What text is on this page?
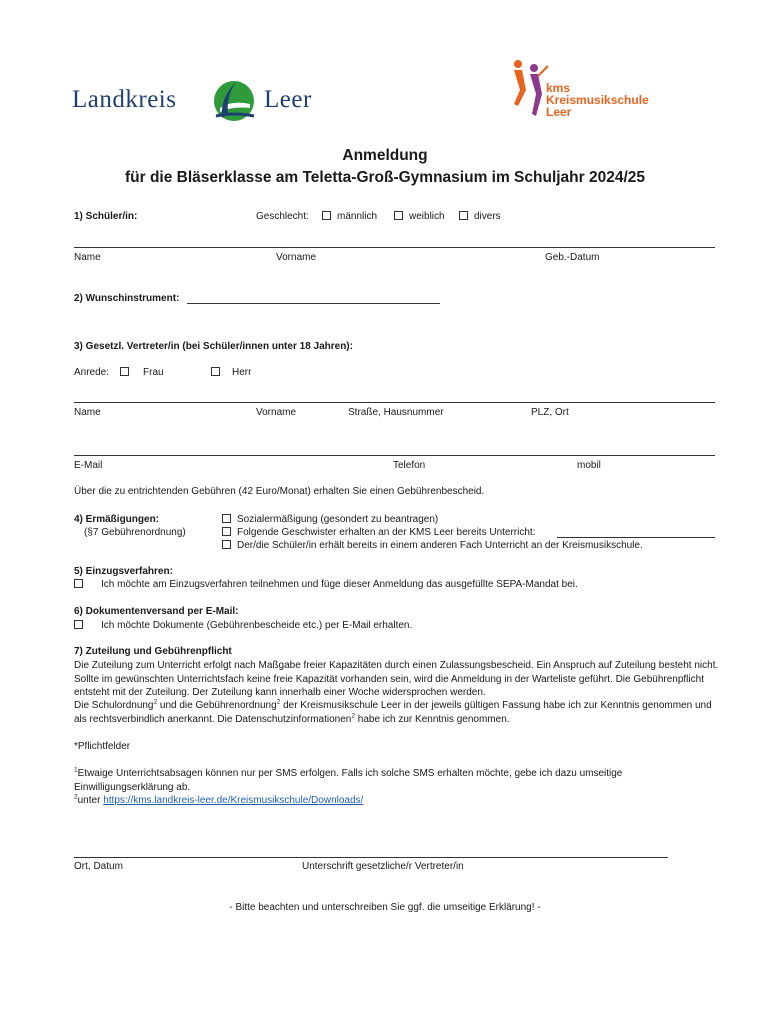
Landkreis	Leer	kms
Kreismusikschule
Leer
Anmeldung
für die Bläserklasse am Teletta-Groß-Gymnasium im Schuljahr 2024/25
1) Schüler/in:	Geschlecht:	männlich	weiblich	divers
Name	Vorname	Geb.-Datum
2) Wunschinstrument:
3) Gesetzl. Vertreter/in (bei Schüler/innen unter 18 Jahren):
Anrede:	Frau	Herr
Name	Vorname	Straße, Hausnummer	PLZ, Ort
E-Mail	Telefon	mobil
Über die zu entrichtenden Gebühren (42 Euro/Monat) erhalten Sie einen Gebührenbescheid.
4) Ermäßigungen:
(§7 Gebührenordnung)
Sozialermäßigung (gesondert zu beantragen)
Folgende Geschwister erhalten an der KMS Leer bereits Unterricht:
Der/die Schüler/in erhält bereits in einem anderen Fach Unterricht an der Kreismusikschule.
5) Einzugsverfahren:
Ich möchte am Einzugsverfahren teilnehmen und füge dieser Anmeldung das ausgefüllte SEPA-Mandat bei.
6) Dokumentenversand per E-Mail:
Ich möchte Dokumente (Gebührenbescheide etc.) per E-Mail erhalten.
7) Zuteilung und Gebührenpflicht
Die Zuteilung zum Unterricht erfolgt nach Maßgabe freier Kapazitäten durch einen Zulassungsbescheid. Ein Anspruch auf Zuteilung besteht nicht. Sollte im gewünschten Unterrichtsfach keine freie Kapazität vorhanden sein, wird die Anmeldung in der Warteliste geführt. Die Gebührenpflicht entsteht mit der Zuteilung. Der Zuteilung kann innerhalb einer Woche widersprochen werden.
Die Schulordnung$^2$ und die Gebührenordnung$^2$ der Kreismusikschule Leer in der jeweils gültigen Fassung habe ich zur Kenntnis genommen und als rechtsverbindlich anerkannt. Die Datenschutzinformationen$^2$ habe ich zur Kenntnis genommen.
*Pflichtfelder
$^1$Etwaige Unterrichtsabsagen können nur per SMS erfolgen. Falls ich solche SMS erhalten möchte, gebe ich dazu umseitige Einwilligungserklärung ab.
$^2$unter https://kms.landkreis-leer.de/Kreismusikschule/Downloads/
Ort, Datum	Unterschrift gesetzliche/r Vertreter/in
- Bitte beachten und unterschreiben Sie ggf. die umseitige Erklärung! -
